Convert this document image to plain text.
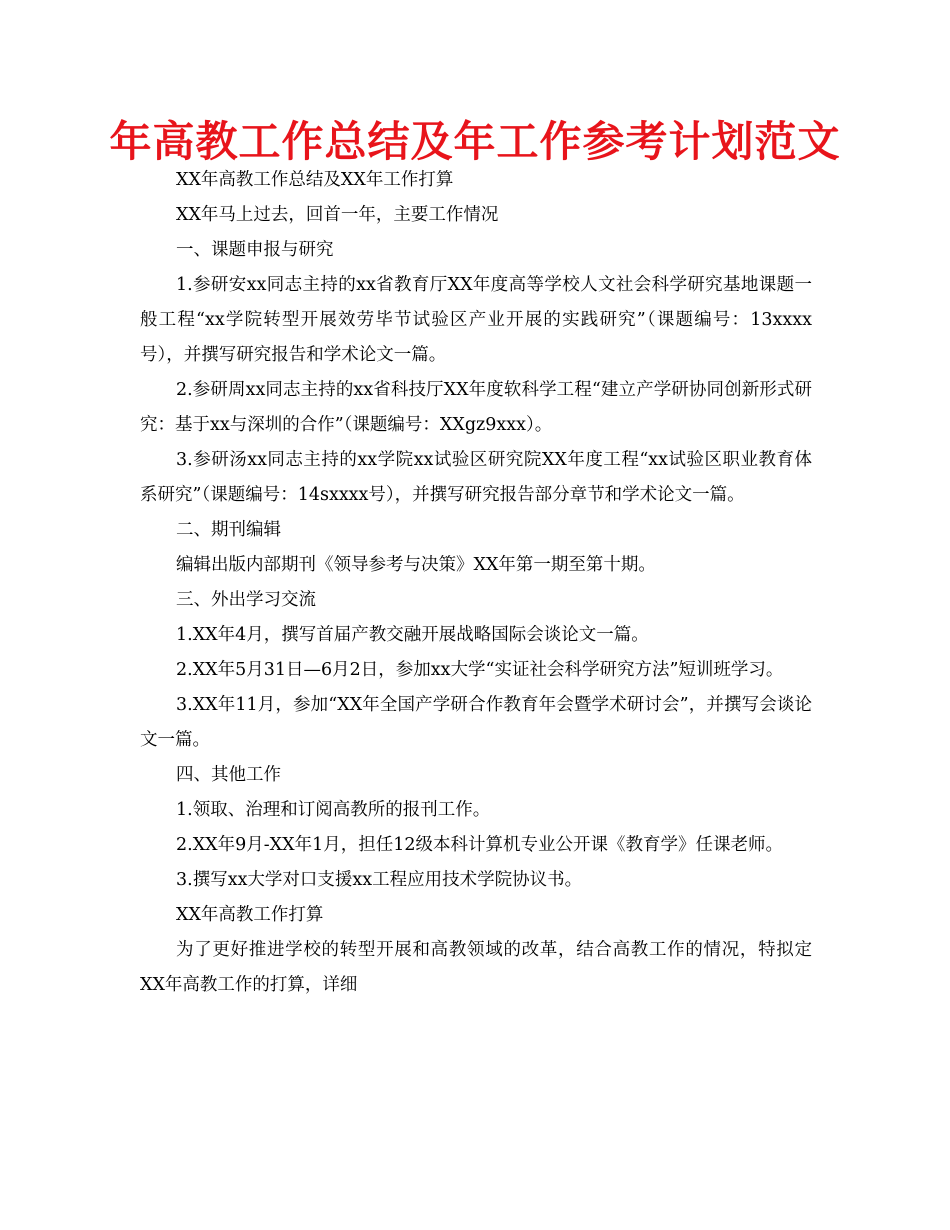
年高教工作总结及年工作参考计划范文

XX年高教工作总结及XX年工作打算

XX年马上过去，回首一年，主要工作情况

一、课题申报与研究

1.参研安xx同志主持的xx省教育厅XX年度高等学校人文社会科学研究基地课题一般工程“xx学院转型开展效劳毕节试验区产业开展的实践研究”（课题编号：13xxxx号），并撰写研究报告和学术论文一篇。

2.参研周xx同志主持的xx省科技厅XX年度软科学工程“建立产学研协同创新形式研究：基于xx与深圳的合作”（课题编号：XXgz9xxx）。

3.参研汤xx同志主持的xx学院xx试验区研究院XX年度工程“xx试验区职业教育体系研究”（课题编号：14sxxxx号），并撰写研究报告部分章节和学术论文一篇。

二、期刊编辑

编辑出版内部期刊《领导参考与决策》XX年第一期至第十期。

三、外出学习交流

1.XX年4月，撰写首届产教交融开展战略国际会谈论文一篇。

2.XX年5月31日—6月2日，参加xx大学“实证社会科学研究方法”短训班学习。

3.XX年11月，参加“XX年全国产学研合作教育年会暨学术研讨会”，并撰写会谈论文一篇。

四、其他工作

1.领取、治理和订阅高教所的报刊工作。

2.XX年9月-XX年1月，担任12级本科计算机专业公开课《教育学》任课老师。

3.撰写xx大学对口支援xx工程应用技术学院协议书。

XX年高教工作打算

为了更好推进学校的转型开展和高教领域的改革，结合高教工作的情况，特拟定XX年高教工作的打算，详细
